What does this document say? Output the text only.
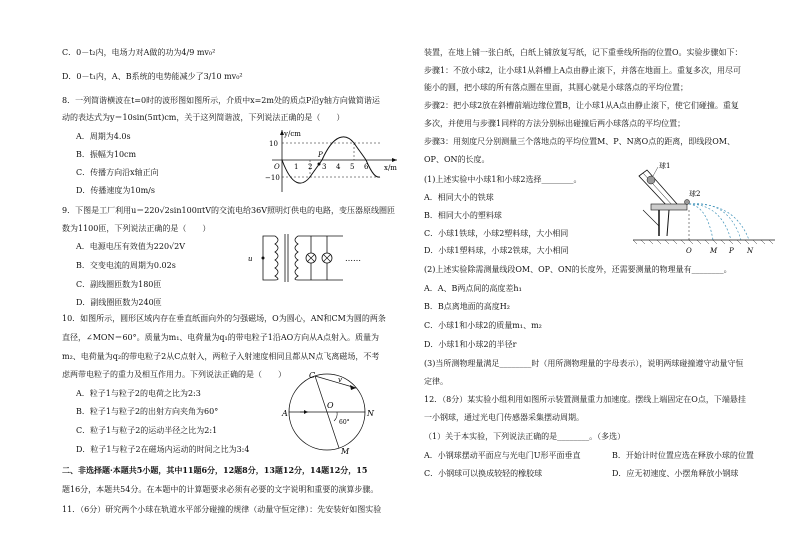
C．0－t₂内，电场力对A做的功为4/9 mv₀²
D．0－t₁内，A、B系统的电势能减少了3/10 mv₀²
8．一列简谐横波在t=0时的波形图如图所示，介质中x=2m处的质点P沿y轴方向做简谐运
动的表达式为y＝10sin(5πt)cm，关于这列简谐波，下列说法正确的是（　　）
A．周期为4.0s
B．振幅为10cm
C．传播方向沿x轴正向
D．传播速度为10m/s
y/cm
x/m
10
−10
O 1 2 3 4 5 6
P
9．下图是工厂利用u＝220√2sin100πtV的交流电给36V照明灯供电的电路，变压器原线圈匝
数为1100匝，下列说法正确的是（　　）
A．电源电压有效值为220√2V
B．交变电流的周期为0.02s
C．副线圈匝数为180匝
D．副线圈匝数为240匝
u	……
10．如图所示，圆形区域内存在垂直纸面向外的匀强磁场，O为圆心，AN和CM为圆的两条
直径，∠MON＝60°。质量为m₁、电荷量为q₁的带电粒子1沿AO方向从A点射入。质量为
m₂、电荷量为q₂的带电粒子2从C点射入，两粒子入射速度相同且都从N点飞离磁场，不考
虑两带电粒子的重力及相互作用力。下列说法正确的是（　　）
A．粒子1与粒子2的电荷之比为2:3
B．粒子1与粒子2的出射方向夹角为60°
C．粒子1与粒子2的运动半径之比为2:1
D．粒子1与粒子2在磁场内运动的时间之比为3:4
C
A
O
N
M
v
60°
二、非选择题·本题共5小题，其中11题6分，12题8分，13题12分，14题12分，15
题16分，本题共54分。在本题中的计算题要求必须有必要的文字说明和重要的演算步骤。
11．（6分）研究两个小球在轨道水平部分碰撞的规律（动量守恒定律）：先安装好如图实验
装置，在地上铺一张白纸，白纸上铺放复写纸，记下重垂线所指的位置O。实验步骤如下：
步骤1：不放小球2，让小球1从斜槽上A点由静止滚下，并落在地面上。重复多次，用尽可
能小的圆，把小球的所有落点圈在里面，其圆心就是小球落点的平均位置；
步骤2：把小球2放在斜槽前端边缘位置B，让小球1从A点由静止滚下，使它们碰撞。重复
多次，并使用与步骤1同样的方法分别标出碰撞后两小球落点的平均位置；
步骤3：用刻度尺分别测量三个落地点的平均位置M、P、N离O点的距离，即线段OM、
OP、ON的长度。
(1)上述实验中小球1和小球2选择________。
A．相同大小的铁球
B．相同大小的塑料球
C．小球1铁球，小球2塑料球，大小相同
D．小球1塑料球，小球2铁球，大小相同
球1
球2
O	M P N
(2)上述实验除需测量线段OM、OP、ON的长度外，还需要测量的物理量有________。
A．A、B两点间的高度差h₁
B．B点离地面的高度H₂
C．小球1和小球2的质量m₁、m₂
D．小球1和小球2的半径r
(3)当所测物理量满足________时（用所测物理量的字母表示），说明两球碰撞遵守动量守恒
定律。
12．（8分）某实验小组利用如图所示装置测量重力加速度。摆线上端固定在O点，下端悬挂
一小钢球，通过光电门传感器采集摆动周期。
（1）关于本实验，下列说法正确的是________。（多选）
A．小钢球摆动平面应与光电门U形平面垂直	B．开始计时位置应选在释放小球的位置
C．小钢球可以换成较轻的橡胶球	D．应无初速度、小摆角释放小钢球
